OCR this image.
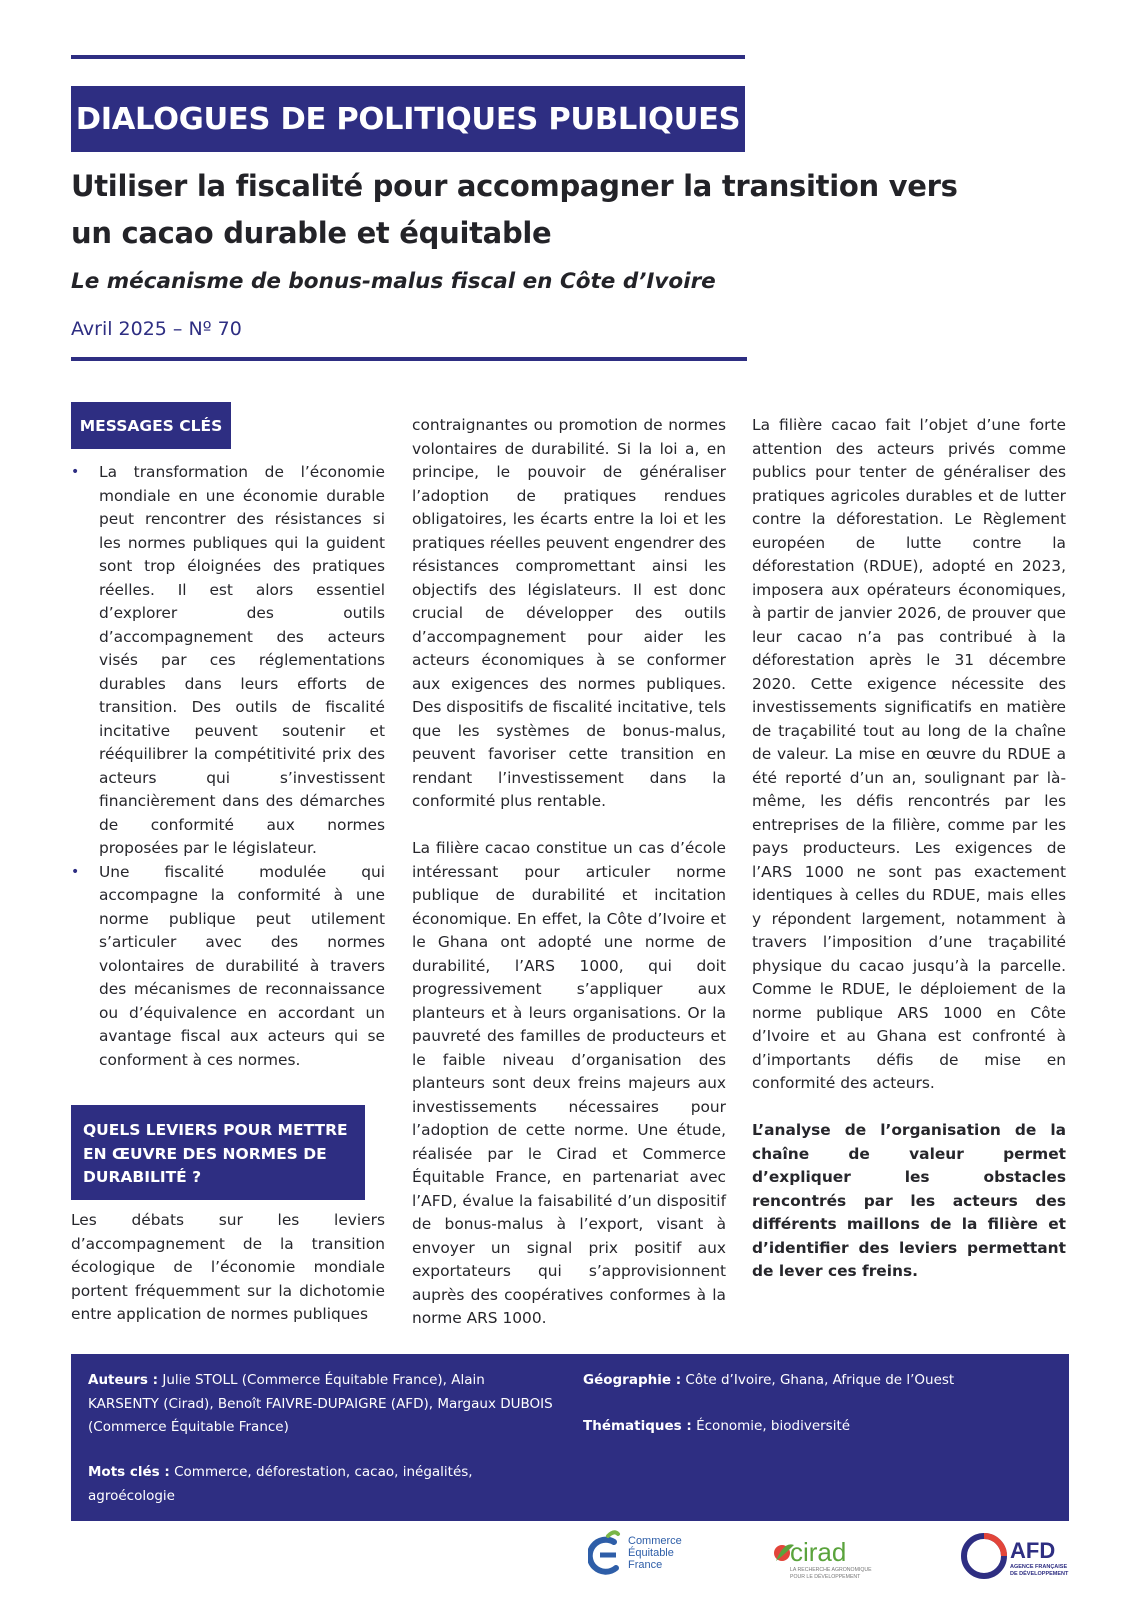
DIALOGUES DE POLITIQUES PUBLIQUES
Utiliser la fiscalité pour accompagner la transition vers
un cacao durable et équitable
Le mécanisme de bonus-malus fiscal en Côte d’Ivoire
Avril 2025 – Nº 70
MESSAGES CLÉS
• La transformation de l’économie mondiale en une économie durable peut rencontrer des résistances si les normes publiques qui la guident sont trop éloignées des pratiques réelles. Il est alors essentiel d’explorer des outils d’accompagnement des acteurs visés par ces réglementations durables dans leurs efforts de transition. Des outils de fiscalité incitative peuvent soutenir et rééquilibrer la compétitivité prix des acteurs qui s’investissent financièrement dans des démarches de conformité aux normes proposées par le législateur.
• Une fiscalité modulée qui accompagne la conformité à une norme publique peut utilement s’articuler avec des normes volontaires de durabilité à travers des mécanismes de reconnaissance ou d’équivalence en accordant un avantage fiscal aux acteurs qui se conforment à ces normes.
QUELS LEVIERS POUR METTRE EN ŒUVRE DES NORMES DE DURABILITÉ ?

Les débats sur les leviers d’accompagnement de la transition écologique de l’économie mondiale portent fréquemment sur la dichotomie entre application de normes publiques

contraignantes ou promotion de normes volontaires de durabilité. Si la loi a, en principe, le pouvoir de généraliser l’adoption de pratiques rendues obligatoires, les écarts entre la loi et les pratiques réelles peuvent engendrer des résistances compromettant ainsi les objectifs des législateurs. Il est donc crucial de développer des outils d’accompagnement pour aider les acteurs économiques à se conformer aux exigences des normes publiques. Des dispositifs de fiscalité incitative, tels que les systèmes de bonus-malus, peuvent favoriser cette transition en rendant l’investissement dans la conformité plus rentable.

La filière cacao constitue un cas d’école intéressant pour articuler norme publique de durabilité et incitation économique. En effet, la Côte d’Ivoire et le Ghana ont adopté une norme de durabilité, l’ARS 1000, qui doit progressivement s’appliquer aux planteurs et à leurs organisations. Or la pauvreté des familles de producteurs et le faible niveau d’organisation des planteurs sont deux freins majeurs aux investissements nécessaires pour l’adoption de cette norme. Une étude, réalisée par le Cirad et Commerce Équitable France, en partenariat avec l’AFD, évalue la faisabilité d’un dispositif de bonus-malus à l’export, visant à envoyer un signal prix positif aux exportateurs qui s’approvisionnent auprès des coopératives conformes à la norme ARS 1000.

La filière cacao fait l’objet d’une forte attention des acteurs privés comme publics pour tenter de généraliser des pratiques agricoles durables et de lutter contre la déforestation. Le Règlement européen de lutte contre la déforestation (RDUE), adopté en 2023, imposera aux opérateurs économiques, à partir de janvier 2026, de prouver que leur cacao n’a pas contribué à la déforestation après le 31 décembre 2020. Cette exigence nécessite des investissements significatifs en matière de traçabilité tout au long de la chaîne de valeur. La mise en œuvre du RDUE a été reporté d’un an, soulignant par là-même, les défis rencontrés par les entreprises de la filière, comme par les pays producteurs. Les exigences de l’ARS 1000 ne sont pas exactement identiques à celles du RDUE, mais elles y répondent largement, notamment à travers l’imposition d’une traçabilité physique du cacao jusqu’à la parcelle. Comme le RDUE, le déploiement de la norme publique ARS 1000 en Côte d’Ivoire et au Ghana est confronté à d’importants défis de mise en conformité des acteurs.

L’analyse de l’organisation de la chaîne de valeur permet d’expliquer les obstacles rencontrés par les acteurs des différents maillons de la filière et d’identifier des leviers permettant de lever ces freins.

Auteurs : Julie STOLL (Commerce Équitable France), Alain KARSENTY (Cirad), Benoît FAIVRE-DUPAIGRE (AFD), Margaux DUBOIS (Commerce Équitable France)
Mots clés : Commerce, déforestation, cacao, inégalités, agroécologie
Géographie : Côte d’Ivoire, Ghana, Afrique de l’Ouest
Thématiques : Économie, biodiversité
Commerce
Équitable
France	cirad
LA RECHERCHE AGRONOMIQUE
POUR LE DÉVELOPPEMENT
AFD
AGENCE FRANÇAISE
DE DÉVELOPPEMENT
